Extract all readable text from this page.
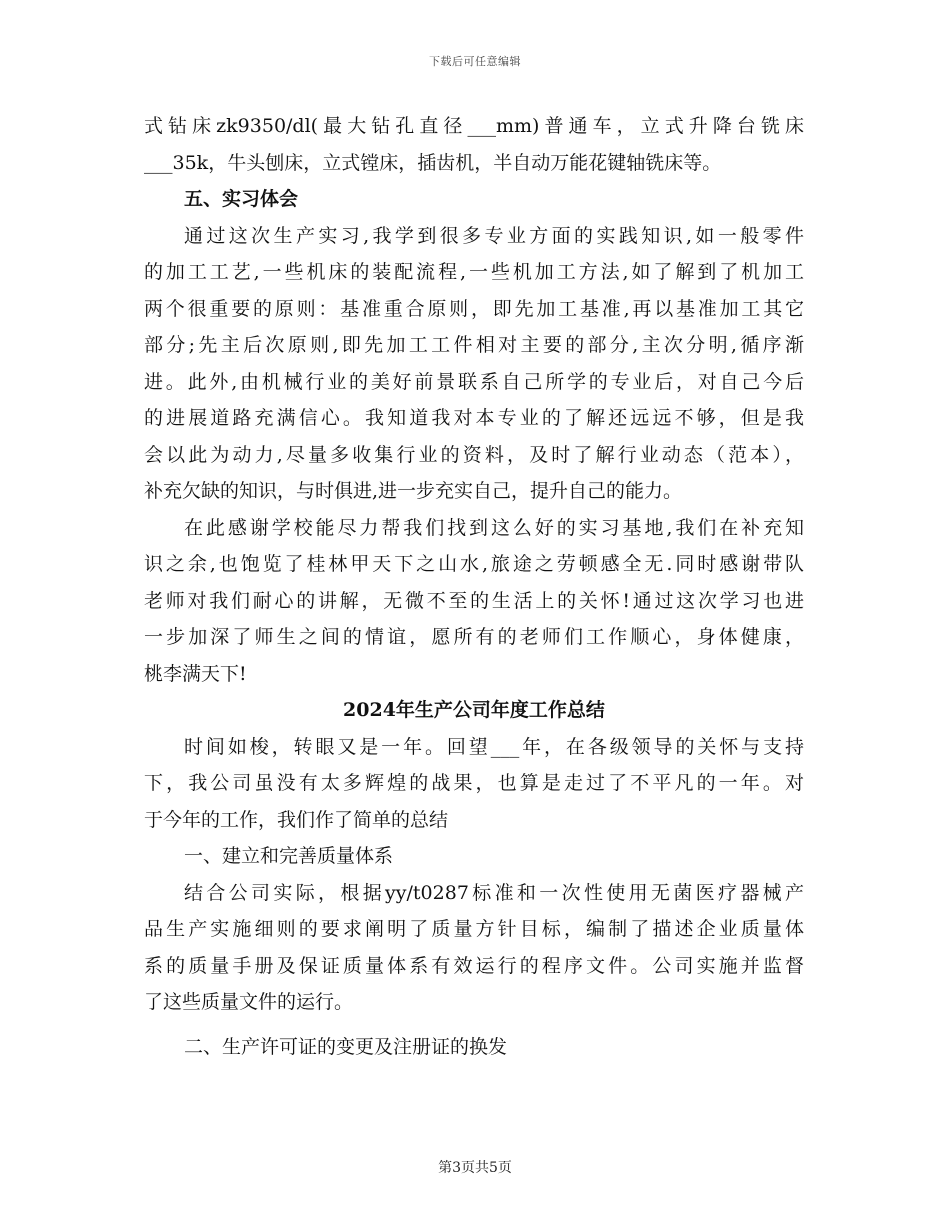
下载后可任意编辑
式钻床zk9350/dl(最大钻孔直径___mm)普通车，立式升降台铣床
___35k，牛头刨床，立式镗床，插齿机，半自动万能花键轴铣床等。
五、实习体会
通过这次生产实习,我学到很多专业方面的实践知识,如一般零件
的加工工艺,一些机床的装配流程,一些机加工方法,如了解到了机加工
两个很重要的原则：基准重合原则，即先加工基准,再以基准加工其它
部分;先主后次原则,即先加工工件相对主要的部分,主次分明,循序渐
进。此外,由机械行业的美好前景联系自己所学的专业后，对自己今后
的进展道路充满信心。我知道我对本专业的了解还远远不够，但是我
会以此为动力,尽量多收集行业的资料，及时了解行业动态（范本），
补充欠缺的知识，与时俱进,进一步充实自己，提升自己的能力。
在此感谢学校能尽力帮我们找到这么好的实习基地,我们在补充知
识之余,也饱览了桂林甲天下之山水,旅途之劳顿感全无.同时感谢带队
老师对我们耐心的讲解，无微不至的生活上的关怀!通过这次学习也进
一步加深了师生之间的情谊，愿所有的老师们工作顺心，身体健康，
桃李满天下!
2024年生产公司年度工作总结
时间如梭，转眼又是一年。回望___年，在各级领导的关怀与支持
下，我公司虽没有太多辉煌的战果，也算是走过了不平凡的一年。对
于今年的工作，我们作了简单的总结
一、建立和完善质量体系
结合公司实际，根据yy/t0287标准和一次性使用无菌医疗器械产
品生产实施细则的要求阐明了质量方针目标，编制了描述企业质量体
系的质量手册及保证质量体系有效运行的程序文件。公司实施并监督
了这些质量文件的运行。
二、生产许可证的变更及注册证的换发
第3页共5页
